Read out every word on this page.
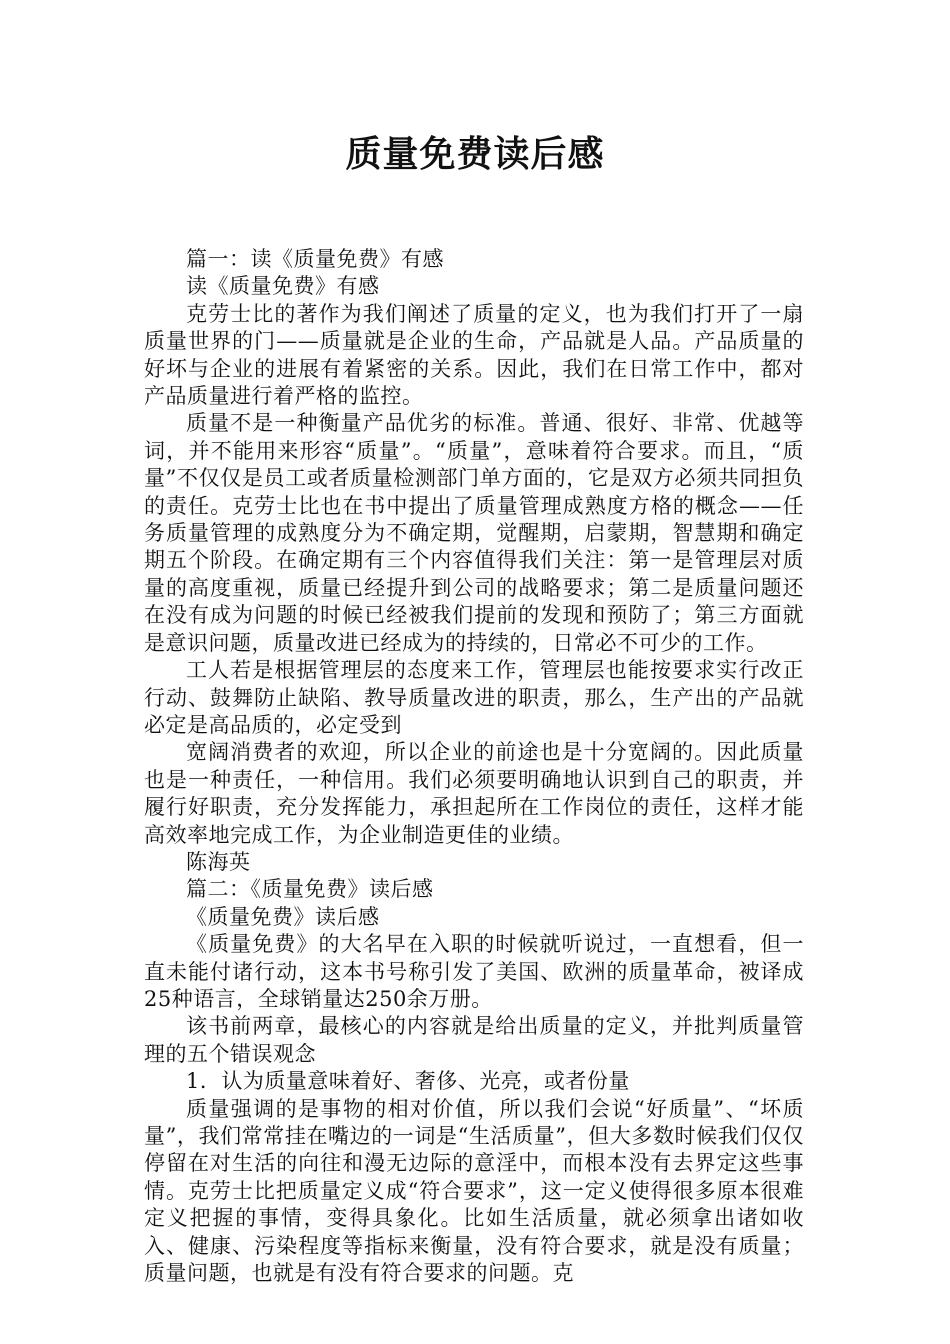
质量免费读后感

篇一：读《质量免费》有感

读《质量免费》有感

克劳士比的著作为我们阐述了质量的定义，也为我们打开了一扇质量世界的门——质量就是企业的生命，产品就是人品。产品质量的好坏与企业的进展有着紧密的关系。因此，我们在日常工作中，都对产品质量进行着严格的监控。

质量不是一种衡量产品优劣的标准。普通、很好、非常、优越等词，并不能用来形容“质量”。“质量”，意味着符合要求。而且，“质量”不仅仅是员工或者质量检测部门单方面的，它是双方必须共同担负的责任。克劳士比也在书中提出了质量管理成熟度方格的概念——任务质量管理的成熟度分为不确定期，觉醒期，启蒙期，智慧期和确定期五个阶段。在确定期有三个内容值得我们关注：第一是管理层对质量的高度重视，质量已经提升到公司的战略要求；第二是质量问题还在没有成为问题的时候已经被我们提前的发现和预防了；第三方面就是意识问题，质量改进已经成为的持续的，日常必不可少的工作。

工人若是根据管理层的态度来工作，管理层也能按要求实行改正行动、鼓舞防止缺陷、教导质量改进的职责，那么，生产出的产品就必定是高品质的，必定受到

宽阔消费者的欢迎，所以企业的前途也是十分宽阔的。因此质量也是一种责任，一种信用。我们必须要明确地认识到自己的职责，并履行好职责，充分发挥能力，承担起所在工作岗位的责任，这样才能高效率地完成工作，为企业制造更佳的业绩。

陈海英

篇二：《质量免费》读后感

《质量免费》读后感

《质量免费》的大名早在入职的时候就听说过，一直想看，但一直未能付诸行动，这本书号称引发了美国、欧洲的质量革命，被译成25种语言，全球销量达250余万册。

该书前两章，最核心的内容就是给出质量的定义，并批判质量管理的五个错误观念

1．认为质量意味着好、奢侈、光亮，或者份量

质量强调的是事物的相对价值，所以我们会说“好质量”、“坏质量”，我们常常挂在嘴边的一词是“生活质量”，但大多数时候我们仅仅停留在对生活的向往和漫无边际的意淫中，而根本没有去界定这些事情。克劳士比把质量定义成“符合要求”，这一定义使得很多原本很难定义把握的事情，变得具象化。比如生活质量，就必须拿出诸如收入、健康、污染程度等指标来衡量，没有符合要求，就是没有质量；质量问题，也就是有没有符合要求的问题。克
